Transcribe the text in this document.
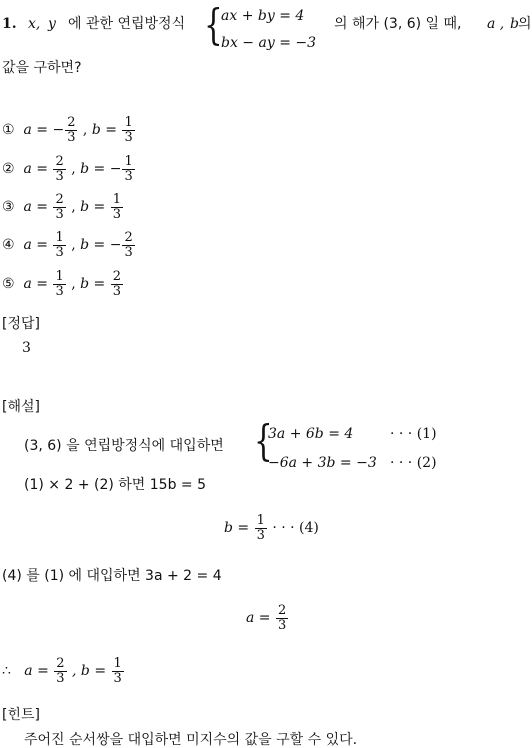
1. x, y 에 관한 연립방정식 {
ax + by = 4
bx − ay = −3
의 해가 (3, 6) 일 때, a , b 의
값을 구하면?
① a = − $\frac{2}{3}$ , $b = \frac{1}{3}$
② $a = \frac{2}{3}$ , b = − $\frac{1}{3}$
③ $a = \frac{2}{3}$ , $b = \frac{1}{3}$
④ $a = \frac{1}{3}$ , b = − $\frac{2}{3}$
⑤ $a = \frac{1}{3}$ , $b = \frac{2}{3}$
[정답]
3
[해설]
(3, 6) 을 연립방정식에 대입하면 {
3a + 6b = 4
−6a + 3b = −3
· · · (1)
· · · (2)
(1) × 2 + (2) 하면 15b = 5
$b = \frac{1}{3}$ · · · (4)
(4) 를 (1) 에 대입하면 3a + 2 = 4
$a = \frac{2}{3}$
∴ $a = \frac{2}{3}$ , $b = \frac{1}{3}$
[힌트]
주어진 순서쌍을 대입하면 미지수의 값을 구할 수 있다.
